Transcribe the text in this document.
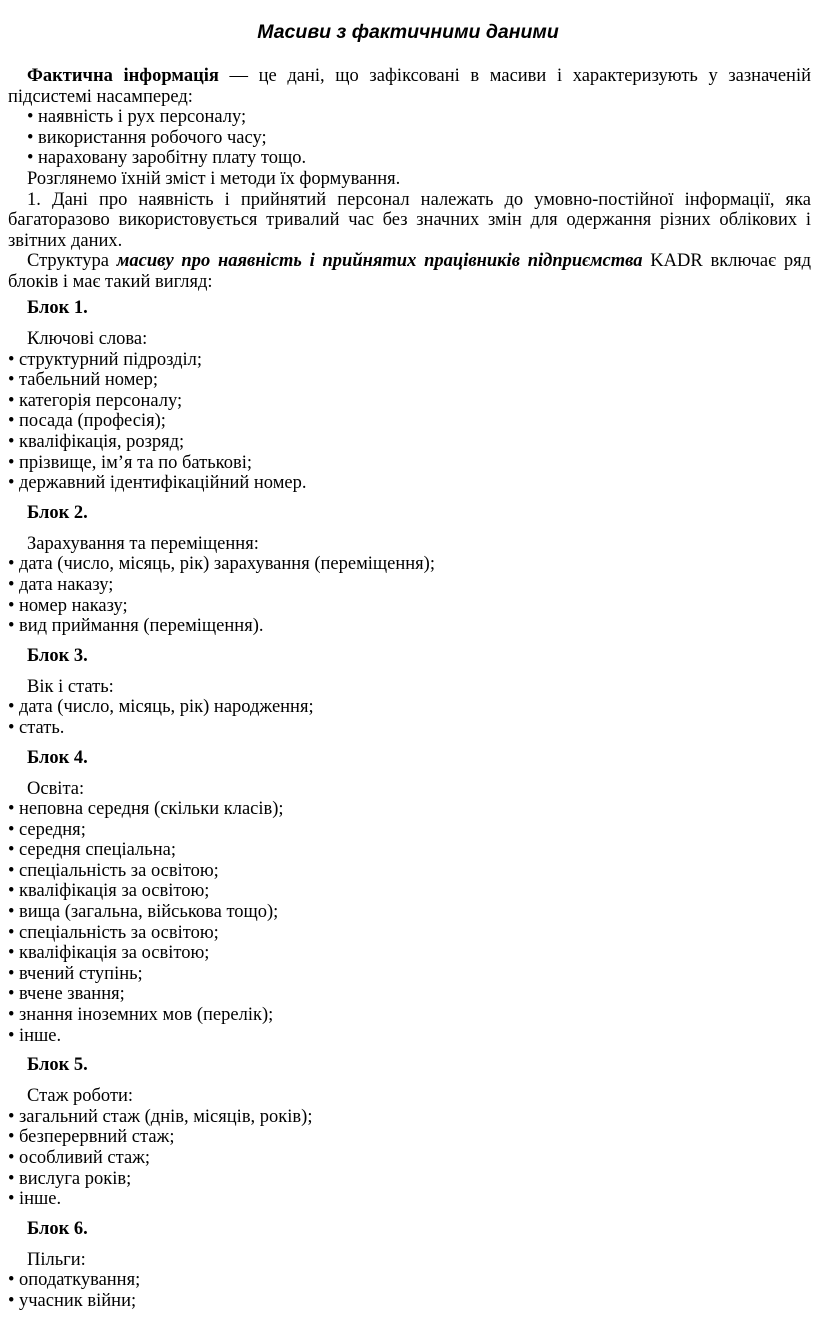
Масиви з фактичними даними

Фактична інформація — це дані, що зафіксовані в масиви і характеризують у зазначеній підсистемі насамперед:

• наявність і рух персоналу;

• використання робочого часу;

• нараховану заробітну плату тощо.

Розглянемо їхній зміст і методи їх формування.

1. Дані про наявність і прийнятий персонал належать до умовно-постійної інформації, яка багаторазово використовується тривалий час без значних змін для одержання різних облікових і звітних даних.

Структура масиву про наявність і прийнятих працівників підприємства KADR включає ряд блоків і має такий вигляд:

Блок 1.
Ключові слова:
• структурний підрозділ;
• табельний номер;
• категорія персоналу;
• посада (професія);
• кваліфікація, розряд;
• прізвище, ім’я та по батькові;
• державний ідентифікаційний номер.
Блок 2.
Зарахування та переміщення:
• дата (число, місяць, рік) зарахування (переміщення);
• дата наказу;
• номер наказу;
• вид приймання (переміщення).
Блок 3.
Вік і стать:
• дата (число, місяць, рік) народження;
• стать.
Блок 4.
Освіта:
• неповна середня (скільки класів);
• середня;
• середня спеціальна;
• спеціальність за освітою;
• кваліфікація за освітою;
• вища (загальна, військова тощо);
• спеціальність за освітою;
• кваліфікація за освітою;
• вчений ступінь;
• вчене звання;
• знання іноземних мов (перелік);
• інше.
Блок 5.
Стаж роботи:
• загальний стаж (днів, місяців, років);
• безперервний стаж;
• особливий стаж;
• вислуга років;
• інше.
Блок 6.
Пільги:
• оподаткування;
• учасник війни;
